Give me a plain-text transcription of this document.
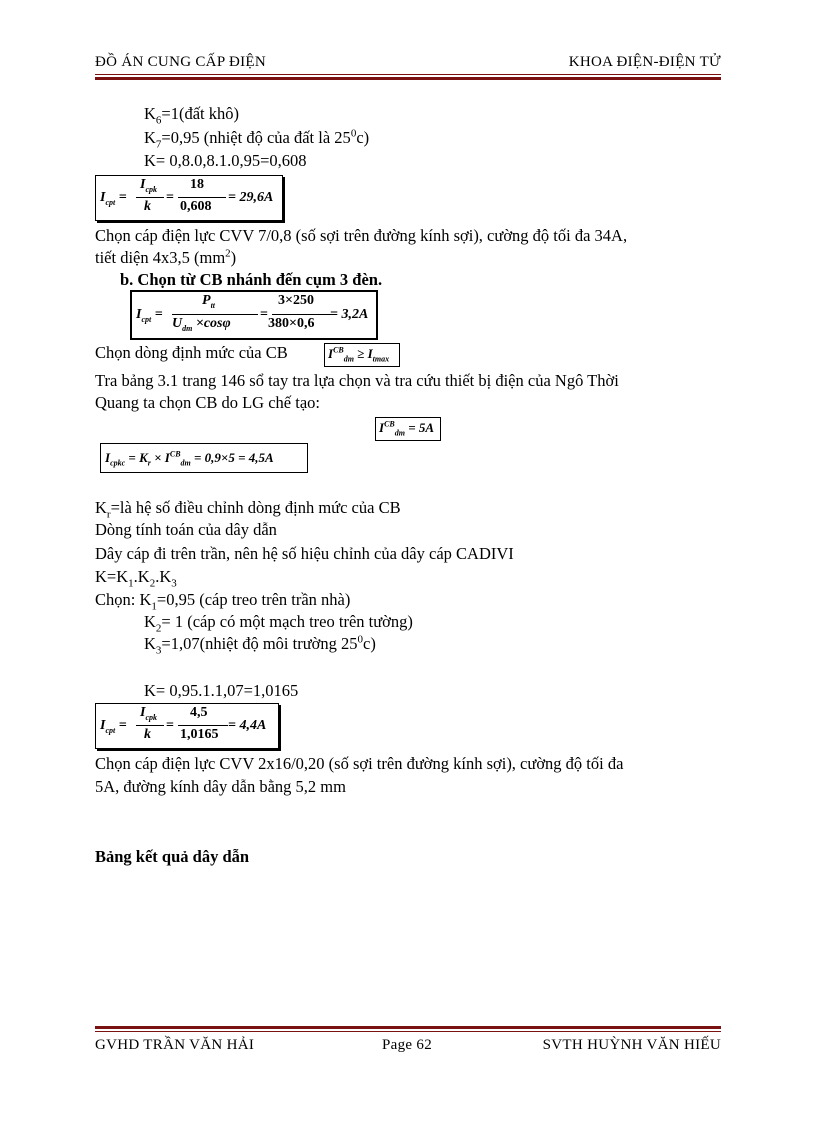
ĐỒ ÁN CUNG CẤP ĐIỆN	KHOA ĐIỆN-ĐIỆN TỬ
$K_6=1(đất$ khô)
$K_7=0,95$ (nhiệt độ của đất là $25^0c$)
K= 0,8.0,8.1.0,95=0,608
$I_{cpt}$ =
$I_{cpk}$
k
=
18
0,608
= 29,6A
Chọn cáp điện lực CVV 7/0,8 (số sợi trên đường kính sợi), cường độ tối đa 34A,
tiết diện 4x3,5 $(mm^2)$
b. Chọn từ CB nhánh đến cụm 3 đèn.
$I_{cpt}$ =
$P_{tt}$
$U_{dm} \times\cos\varphi$
=
3×250
380×0,6
= 3,2A
Chọn dòng định mức của CB	$I^{CB}_{dm} \ge I_{tmax}$
Tra bảng 3.1 trang 146 sổ tay tra lựa chọn và tra cứu thiết bị điện của Ngô Thời
Quang ta chọn CB do LG chế tạo:
$I^{CB}_{dm} = 5A$
$I_{cpkc} = K_r \times I^{CB}_{dm} = 0,9\times 5 = 4,5A$
$K_r=là$ hệ số điều chỉnh dòng định mức của CB
Dòng tính toán của dây dẫn
Dây cáp đi trên trần, nên hệ số hiệu chỉnh của dây cáp CADIVI
$K=K_1.K_2.K_3$
Chọn: $K_1=0,95$ (cáp treo trên trần nhà)
$K_2= 1$ (cáp có một mạch treo trên tường)
$K_3=1,07(nhiệt$ độ môi trường $25^0c$)
K= 0,95.1.1,07=1,0165
$I_{cpt}$ =
$I_{cpk}$
k
=
4,5
1,0165
= 4,4A
Chọn cáp điện lực CVV 2x16/0,20 (số sợi trên đường kính sợi), cường độ tối đa
5A, đường kính dây dẫn bằng 5,2 mm
Bảng kết quả dây dẫn
GVHD TRẦN VĂN HẢI	Page 62	SVTH HUỲNH VĂN HIẾU
